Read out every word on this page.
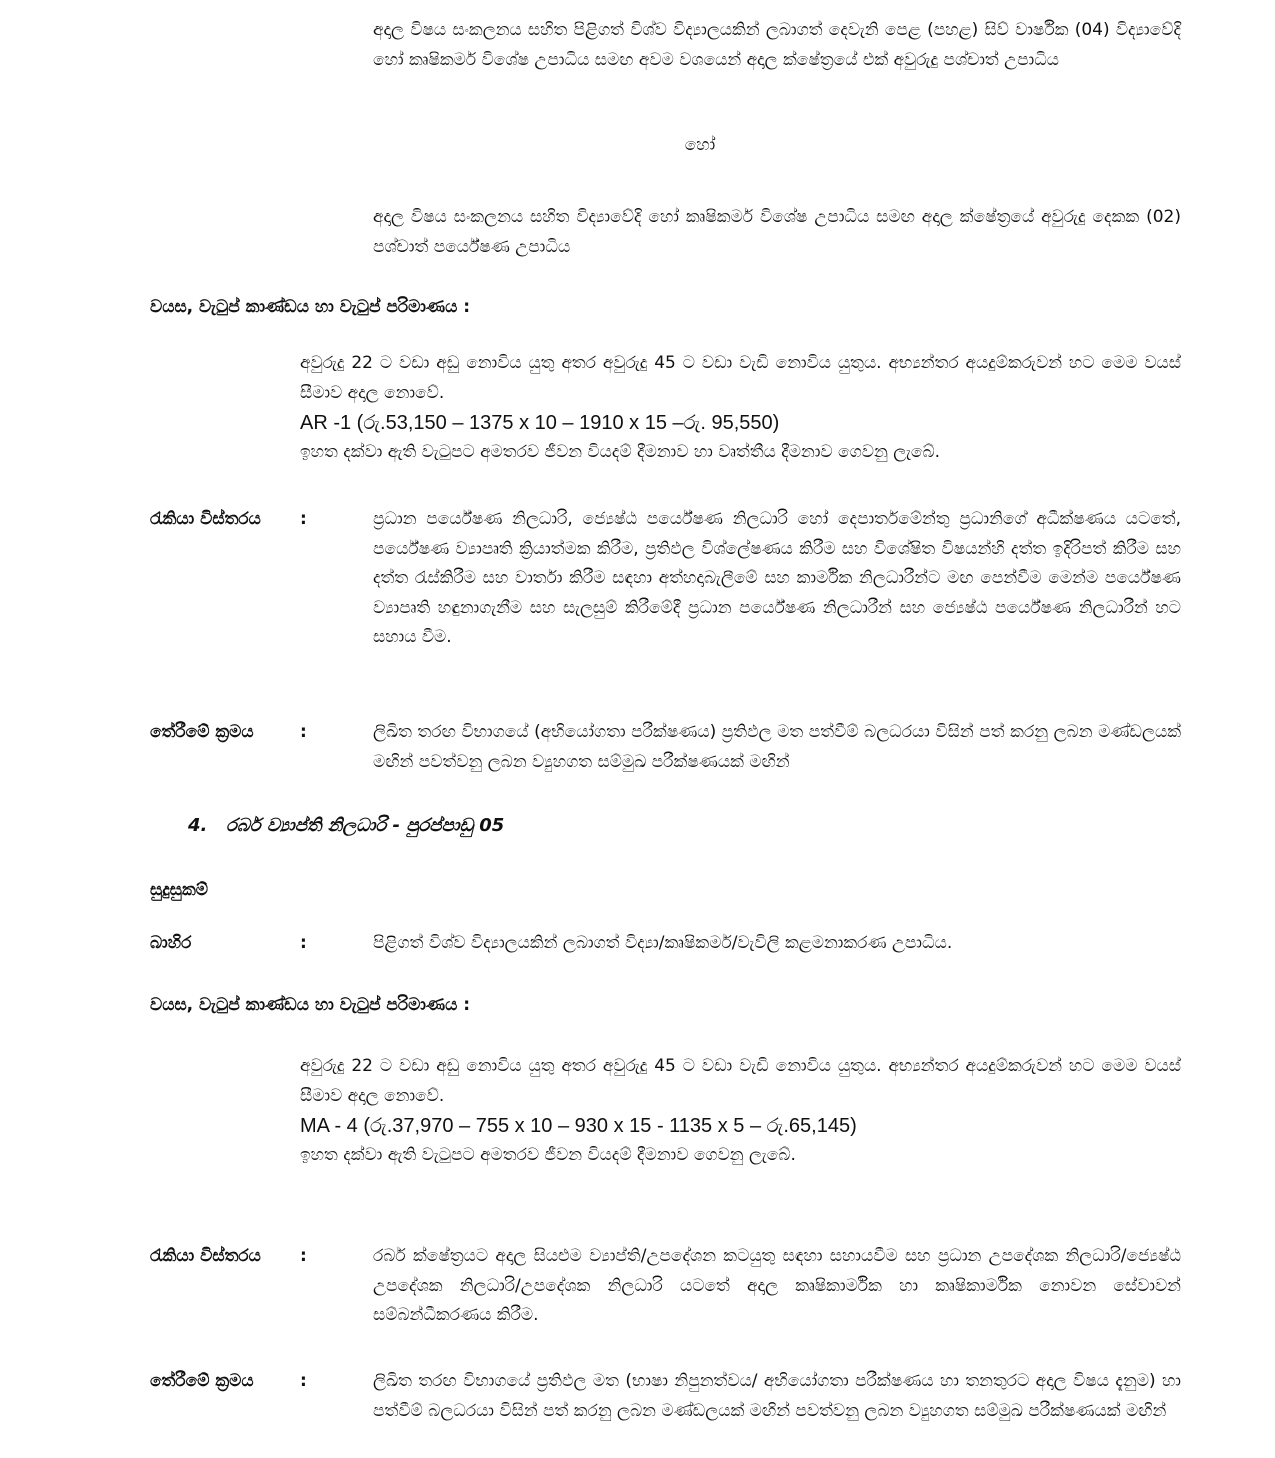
අදාල විෂය සංකලනය සහිත පිළිගත් විශ්ව විද්‍යාලයකින් ලබාගත් දෙවැනි පෙළ (පහළ) සිව් වාර්ෂික (04) විද්‍යාවේදි හෝ කෘෂිකර්ම විශේෂ උපාධිය සමඟ අවම වශයෙන් අදාල ක්ෂේත්‍රයේ එක් අවුරුදු පශ්චාත් උපාධිය

හෝ

අදාල විෂය සංකලනය සහිත විද්‍යාවේදි හෝ කෘෂිකර්ම විශේෂ උපාධිය සමඟ අදාල ක්ෂේත්‍රයේ අවුරුදු දෙකක (02) පශ්චාත් පර්යේෂණ උපාධිය

වයස, වැටුප් කාණ්ඩය හා වැටුප් පරිමාණය :

අවුරුදු 22 ට වඩා අඩු නොවිය යුතු අතර අවුරුදු 45 ට වඩා වැඩි නොවිය යුතුය. අභ්‍යන්තර අයදුම්කරුවන් හට මෙම වයස් සීමාව අදාල නොවේ.
AR -1 (රු.53,150 – 1375 x 10 – 1910 x 15 –රු. 95,550)
ඉහත දක්වා ඇති වැටුපට අමතරව ජීවන වියදම් දීමනාව හා වෘත්තීය දීමනාව ගෙවනු ලැබේ.
රැකියා විස්තරය :	ප්‍රධාන පර්යේෂණ නිලධාරි, ජ්‍යෙෂ්ඨ පර්යේෂණ නිලධාරි හෝ දෙපාර්තමේන්තු ප්‍රධානිගේ අධීක්ෂණය යටතේ, පර්යේෂණ ව්‍යාපෘති ක්‍රියාත්මක කිරීම, ප්‍රතිඵල විශ්ලේෂණය කිරීම සහ විශේෂිත විෂයන්හි දත්ත ඉදිරිපත් කිරීම සහ දත්ත රැස්කිරීම සහ වාර්තා කිරීම සඳහා අත්හදාබැලීමේ සහ කාර්මික නිලධාරීන්ට මඟ පෙන්වීම මෙන්ම පර්යේෂණ ව්‍යාපෘති හඳුනාගැනීම සහ සැලසුම් කිරීමේදී ප්‍රධාන පර්යේෂණ නිලධාරීන් සහ ජ්‍යෙෂ්ඨ පර්යේෂණ නිලධාරීන් හට සහාය වීම.

තේරීමේ ක්‍රමය	:	ලිඛිත තරඟ විභාගයේ (අභියෝගතා පරීක්ෂණය) ප්‍රතිඵල මත පත්වීම් බලධරයා විසින් පත් කරනු ලබන මණ්ඩලයක් මඟින් පවත්වනු ලබන ව්‍යුහගත සම්මුඛ පරීක්ෂණයක් මඟින්

4. රබර් ව්‍යාප්ති නිලධාරි - පුරප්පාඩු 05

සුදුසුකම්

බාහිර	:	පිළිගත් විශ්ව විද්‍යාලයකින් ලබාගත් විද්‍යා/කෘෂිකර්ම/වැවිලි කළමනාකරණ උපාධිය.

වයස, වැටුප් කාණ්ඩය හා වැටුප් පරිමාණය :

අවුරුදු 22 ට වඩා අඩු නොවිය යුතු අතර අවුරුදු 45 ට වඩා වැඩි නොවිය යුතුය. අභ්‍යන්තර අයදුම්කරුවන් හට මෙම වයස් සීමාව අදාල නොවේ.
MA - 4 (රු.37,970 – 755 x 10 – 930 x 15 - 1135 x 5 – රු.65,145)
ඉහත දක්වා ඇති වැටුපට අමතරව ජීවන වියදම් දීමනාව ගෙවනු ලැබේ.
රැකියා විස්තරය :	රබර් ක්ෂේත්‍රයට අදාල සියළුම ව්‍යාප්ති/උපදේශන කටයුතු සඳහා සහායවීම සහ ප්‍රධාන උපදේශක නිලධාරි/ජ්‍යෙෂ්ඨ උපදේශක නිලධාරි/උපදේශක නිලධාරි යටතේ අදාල කෘෂිකාර්මික හා කෘෂිකාර්මික නොවන සේවාවන් සම්බන්ධීකරණය කිරීම.

තේරීමේ ක්‍රමය	:	ලිඛිත තරඟ විභාගයේ ප්‍රතිඵල මත (භාෂා නිපුනත්වය/ අභියෝගතා පරීක්ෂණය හා තනතුරට අදාල විෂය දැනුම) හා පත්වීම් බලධරයා විසින් පත් කරනු ලබන මණ්ඩලයක් මඟින් පවත්වනු ලබන ව්‍යුහගත සම්මුඛ පරීක්ෂණයක් මඟින්
